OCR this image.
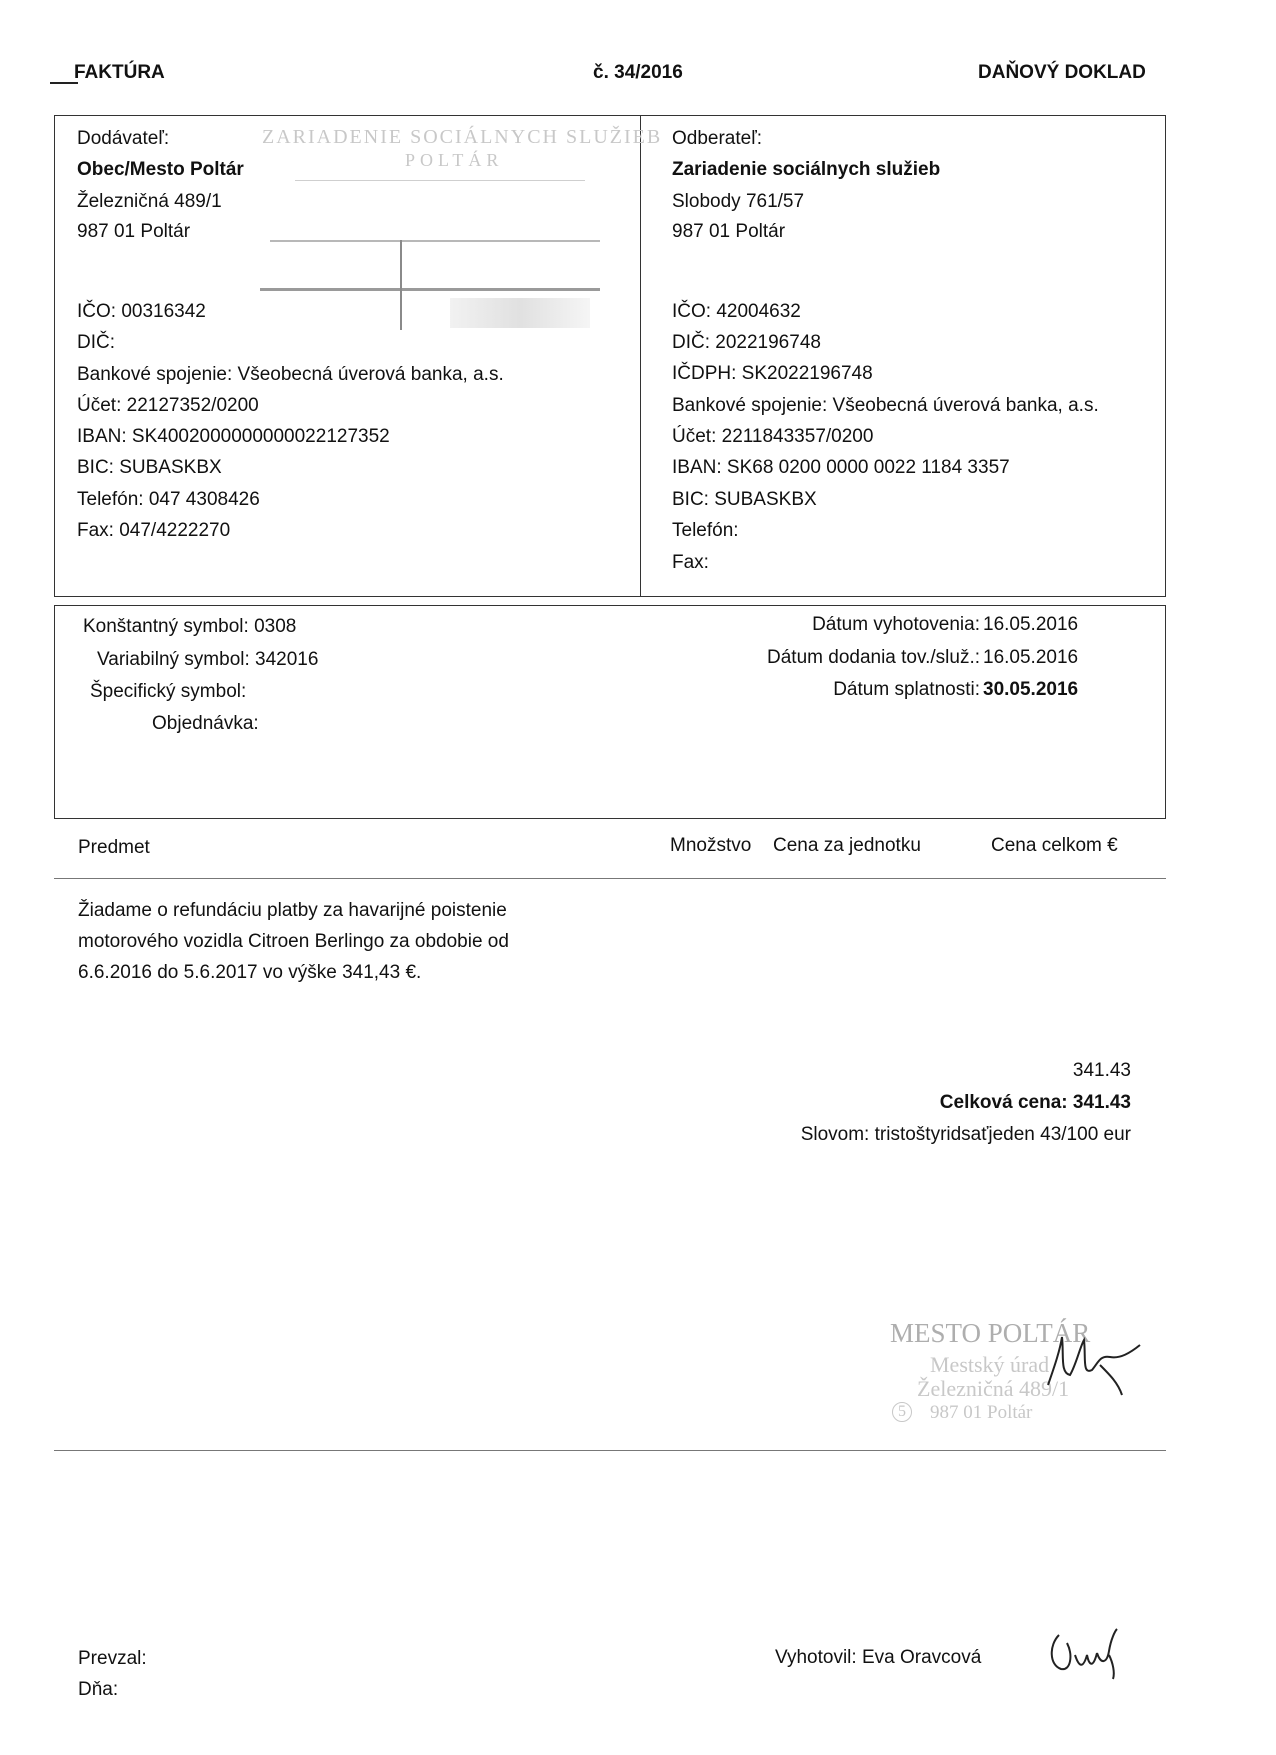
FAKTÚRA	č. 34/2016	DAŇOVÝ DOKLAD
ZARIADENIE SOCIÁLNYCH SLUŽIEB
POLTÁR
Dodávateľ:
Obec/Mesto Poltár
Železničná 489/1
987 01 Poltár
IČO: 00316342
DIČ:
Bankové spojenie: Všeobecná úverová banka, a.s.
Účet: 22127352/0200
IBAN: SK4002000000000022127352
BIC: SUBASKBX
Telefón: 047 4308426
Fax: 047/4222270
Odberateľ:
Zariadenie sociálnych služieb
Slobody 761/57
987 01 Poltár
IČO: 42004632
DIČ: 2022196748
IČDPH: SK2022196748
Bankové spojenie: Všeobecná úverová banka, a.s.
Účet: 2211843357/0200
IBAN: SK68 0200 0000 0022 1184 3357
BIC: SUBASKBX
Telefón:
Fax:
Konštantný symbol: 0308
Variabilný symbol: 342016
Špecifický symbol:
Objednávka:
Dátum vyhotovenia: 16.05.2016
Dátum dodania tov./služ.: 16.05.2016
Dátum splatnosti: 30.05.2016
Predmet	Množstvo Cena za jednotku	Cena celkom €
Žiadame o refundáciu platby za havarijné poistenie
motorového vozidla Citroen Berlingo za obdobie od
6.6.2016 do 5.6.2017 vo výške 341,43 €.
341.43
Celková cena: 341.43
Slovom: tristoštyridsaťjeden 43/100 eur
MESTO POLTÁR
Mestský úrad
Železničná 489/1
5	987 01 Poltár
Prevzal:
Dňa:
Vyhotovil: Eva Oravcová
